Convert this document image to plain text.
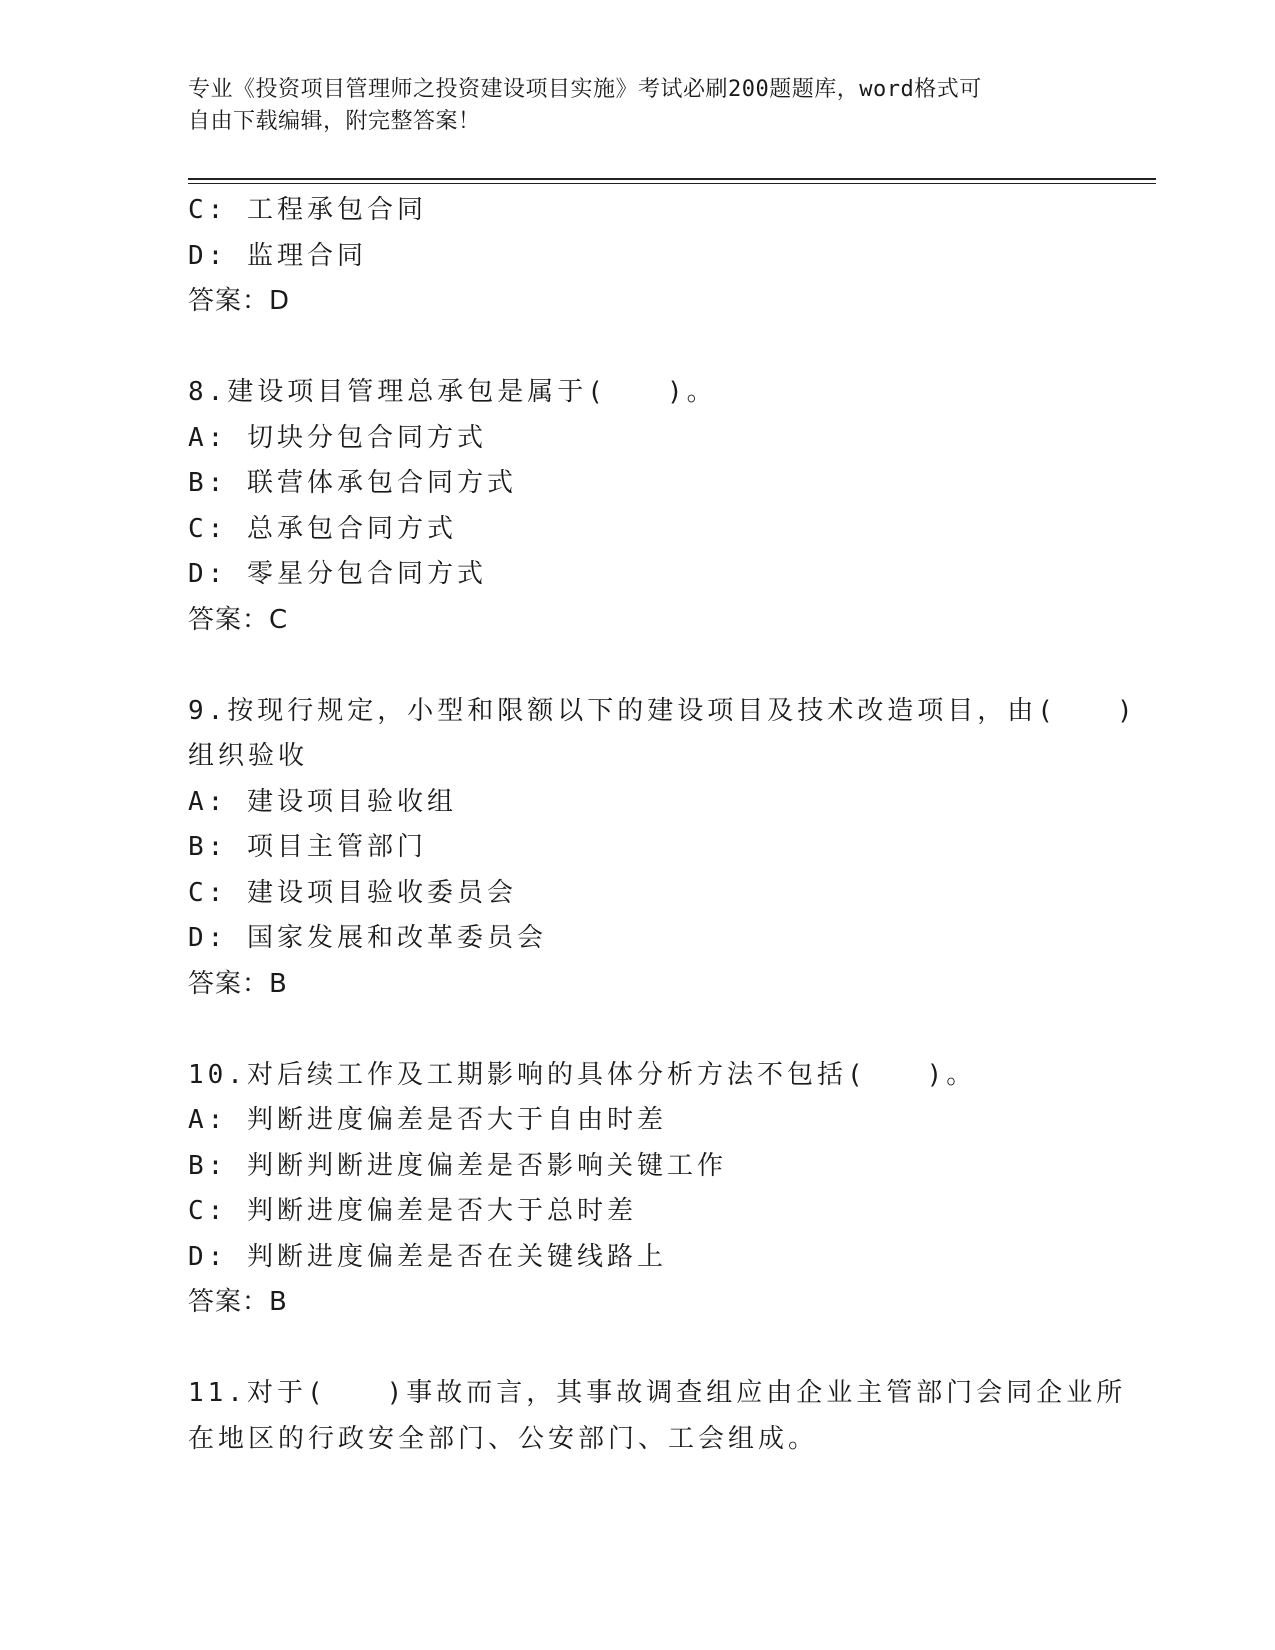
专业《投资项目管理师之投资建设项目实施》考试必刷200题题库，word格式可
自由下载编辑，附完整答案！
C: 工程承包合同
D: 监理合同
答案：D
8.建设项目管理总承包是属于(　　)。
A: 切块分包合同方式
B: 联营体承包合同方式
C: 总承包合同方式
D: 零星分包合同方式
答案：C
9.按现行规定，小型和限额以下的建设项目及技术改造项目，由(　　)
组织验收
A: 建设项目验收组
B: 项目主管部门
C: 建设项目验收委员会
D: 国家发展和改革委员会
答案：B
10.对后续工作及工期影响的具体分析方法不包括(　　)。
A: 判断进度偏差是否大于自由时差
B: 判断判断进度偏差是否影响关键工作
C: 判断进度偏差是否大于总时差
D: 判断进度偏差是否在关键线路上
答案：B
11.对于(　　)事故而言，其事故调查组应由企业主管部门会同企业所
在地区的行政安全部门、公安部门、工会组成。
